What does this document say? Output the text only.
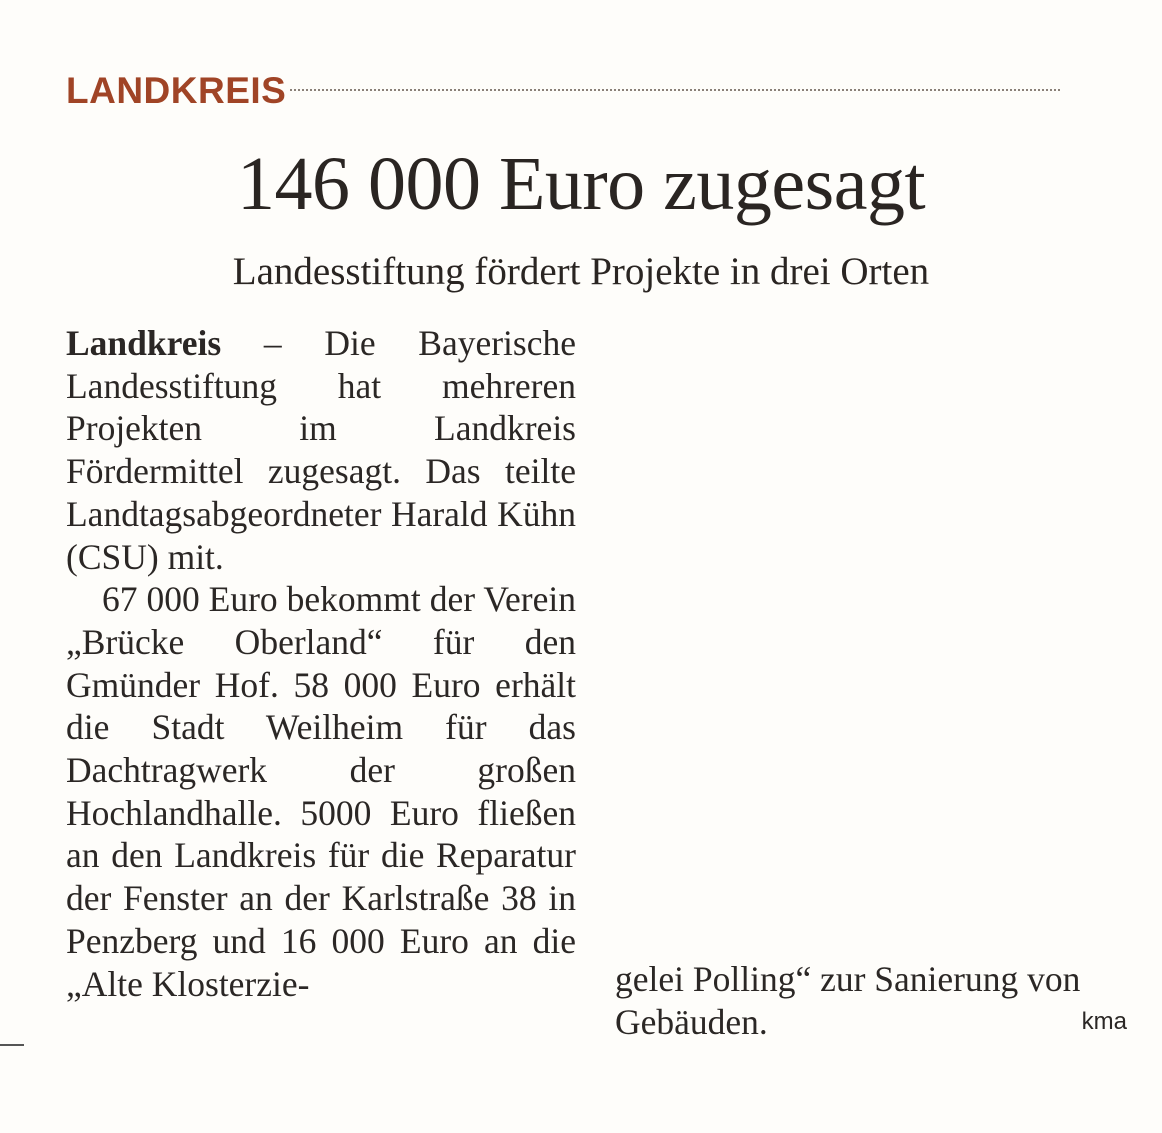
LANDKREIS
146 000 Euro zugesagt
Landesstiftung fördert Projekte in drei Orten

Landkreis – Die Bayerische Landesstiftung hat mehreren Projekten im Landkreis Fördermittel zugesagt. Das teilte Landtagsabgeordneter Harald Kühn (CSU) mit.

67 000 Euro bekommt der Verein „Brücke Oberland“ für den Gmünder Hof. 58 000 Euro erhält die Stadt Weilheim für das Dachtragwerk der großen Hochlandhalle. 5000 Euro fließen an den Landkreis für die Reparatur der Fenster an der Karlstraße 38 in Penzberg und 16 000 Euro an die „Alte Klosterzie-	gelei Polling“ zur Sanierung von Gebäuden.	kma
